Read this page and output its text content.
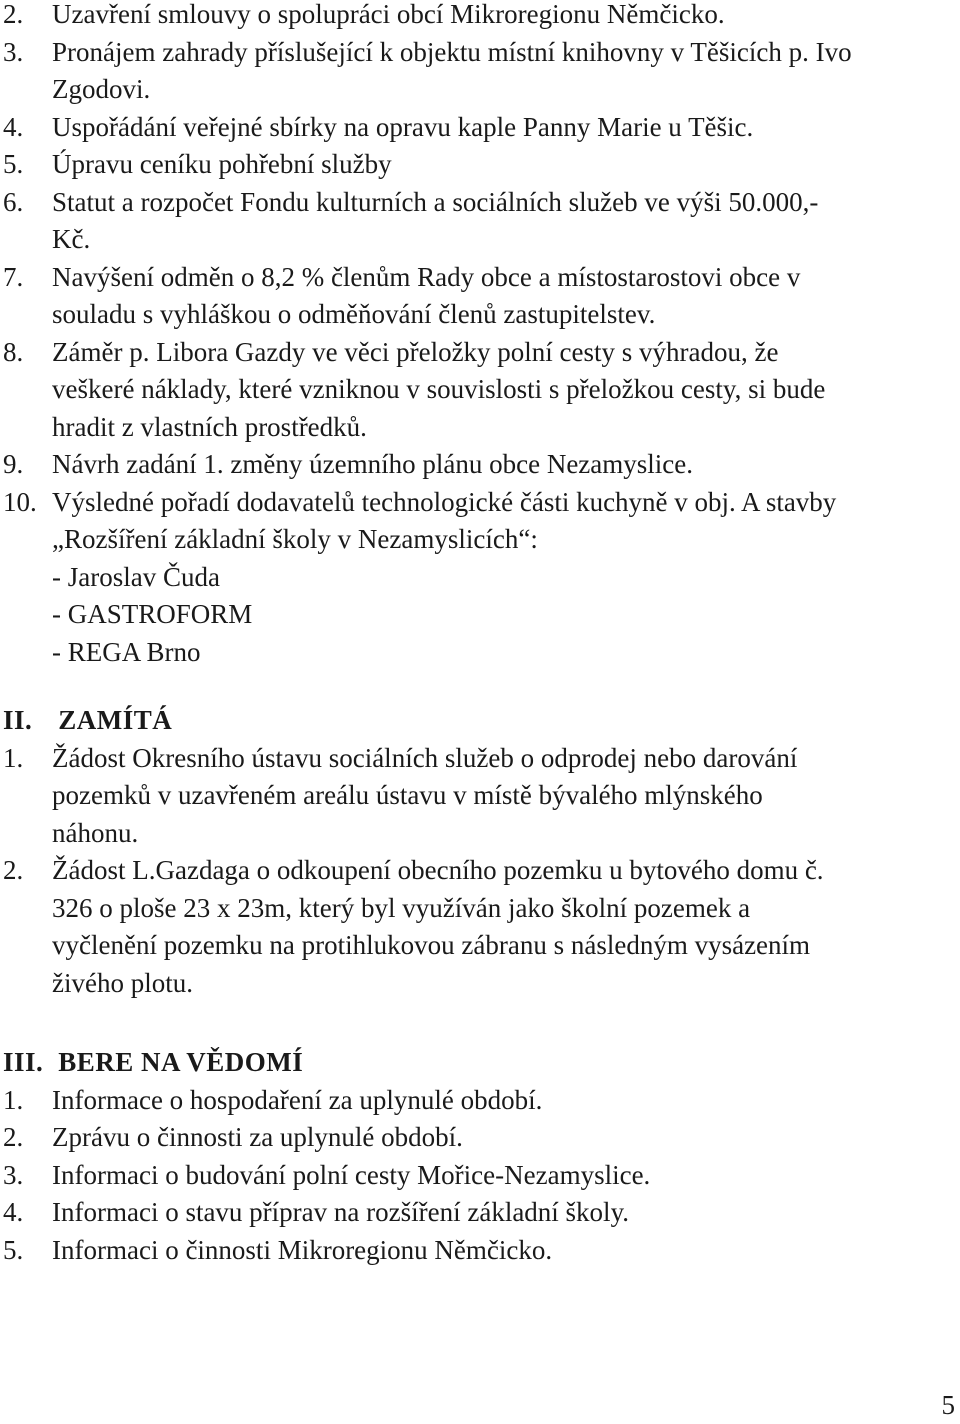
2. Uzavření smlouvy o spolupráci obcí Mikroregionu Němčicko.
3. Pronájem zahrady příslušející k objektu místní knihovny v Těšicích p. Ivo
Zgodovi.
4. Uspořádání veřejné sbírky na opravu kaple Panny Marie u Těšic.
5. Úpravu ceníku pohřební služby
6. Statut a rozpočet Fondu kulturních a sociálních služeb ve výši 50.000,-
Kč.
7. Navýšení odměn o 8,2 % členům Rady obce a místostarostovi obce v
souladu s vyhláškou o odměňování členů zastupitelstev.
8. Záměr p. Libora Gazdy ve věci přeložky polní cesty s výhradou, že
veškeré náklady, které vzniknou v souvislosti s přeložkou cesty, si bude
hradit z vlastních prostředků.
9. Návrh zadání 1. změny územního plánu obce Nezamyslice.
10. Výsledné pořadí dodavatelů technologické části kuchyně v obj. A stavby
„Rozšíření základní školy v Nezamyslicích“:
- Jaroslav Čuda
- GASTROFORM
- REGA Brno
II. ZAMÍTÁ
1. Žádost Okresního ústavu sociálních služeb o odprodej nebo darování
pozemků v uzavřeném areálu ústavu v místě bývalého mlýnského
náhonu.
2. Žádost L.Gazdaga o odkoupení obecního pozemku u bytového domu č.
326 o ploše 23 x 23m, který byl využíván jako školní pozemek a
vyčlenění pozemku na protihlukovou zábranu s následným vysázením
živého plotu.
III. BERE NA VĚDOMÍ
1. Informace o hospodaření za uplynulé období.
2. Zprávu o činnosti za uplynulé období.
3. Informaci o budování polní cesty Mořice-Nezamyslice.
4. Informaci o stavu příprav na rozšíření základní školy.
5. Informaci o činnosti Mikroregionu Němčicko.
5
